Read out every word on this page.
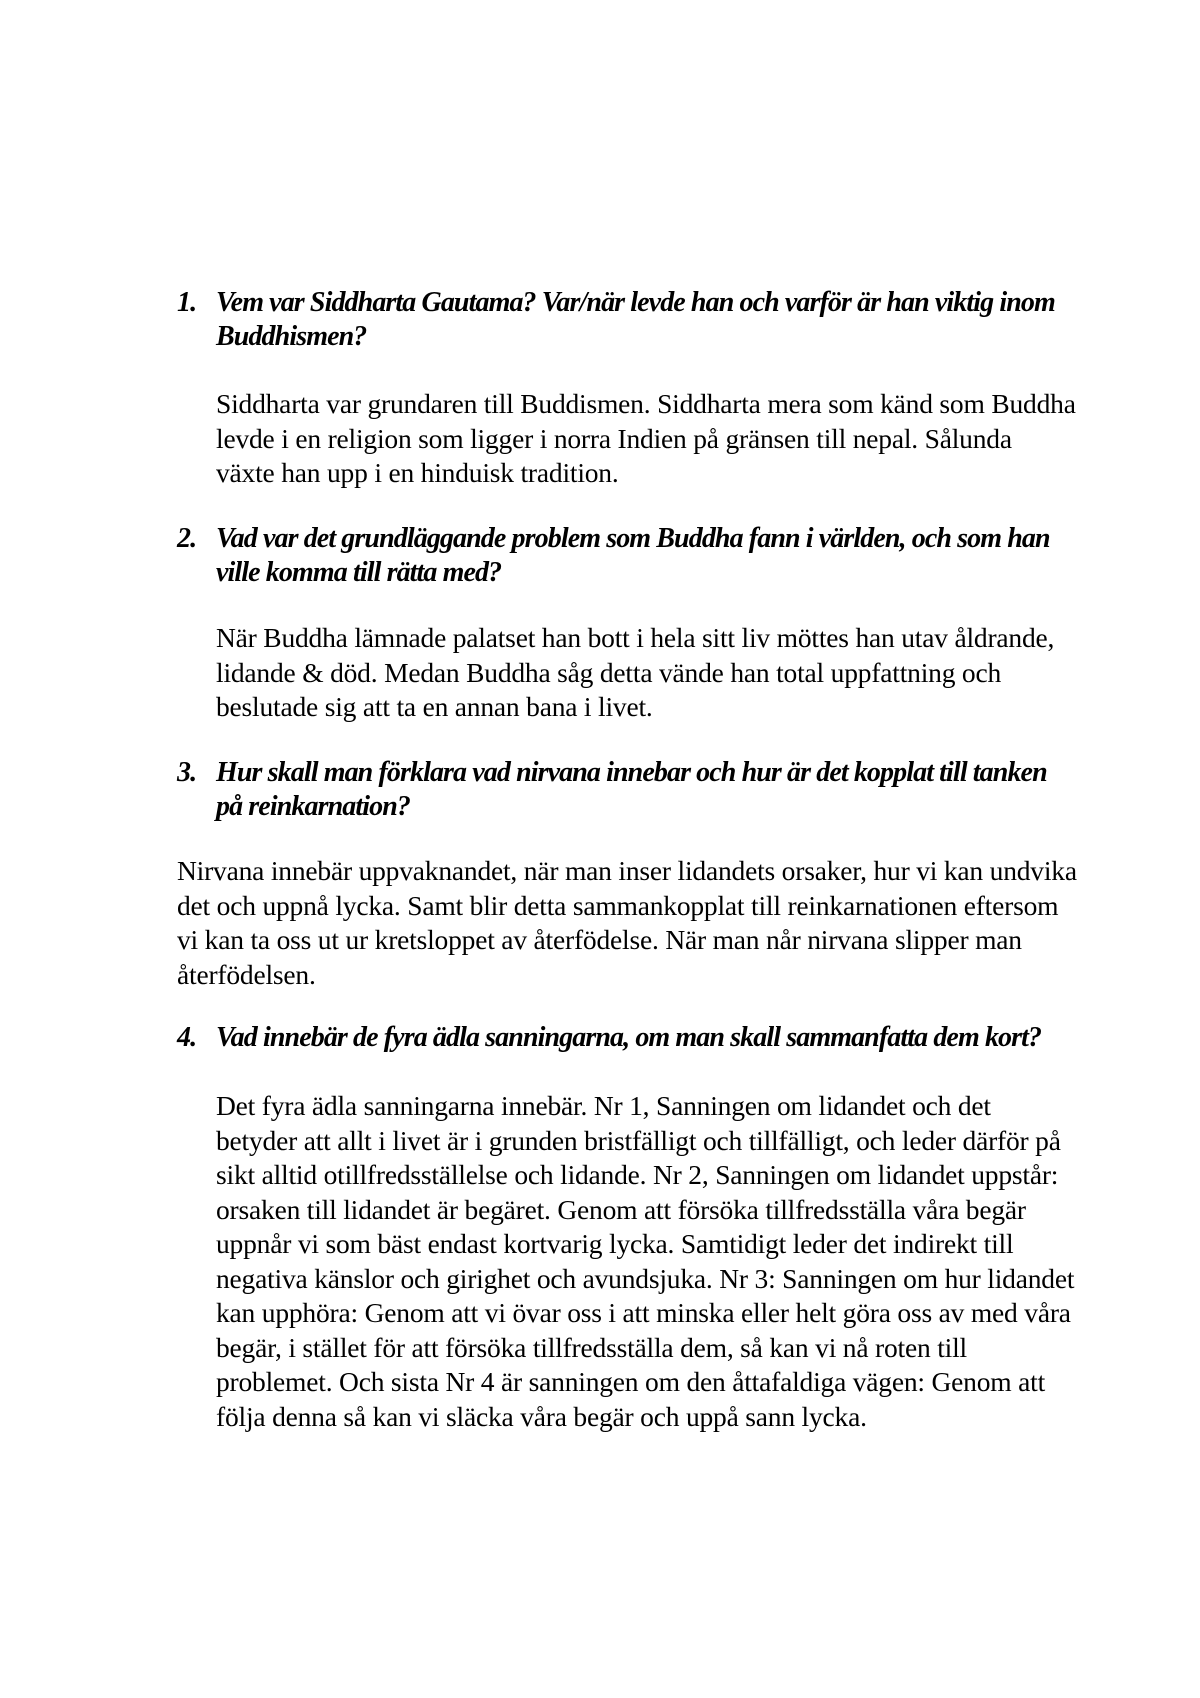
1. Vem var Siddharta Gautama? Var/när levde han och varför är han viktig inom Buddhismen?

Siddharta var grundaren till Buddismen. Siddharta mera som känd som Buddha levde i en religion som ligger i norra Indien på gränsen till nepal. Sålunda växte han upp i en hinduisk tradition.

2. Vad var det grundläggande problem som Buddha fann i världen, och som han ville komma till rätta med?

När Buddha lämnade palatset han bott i hela sitt liv möttes han utav åldrande, lidande & död. Medan Buddha såg detta vände han total uppfattning och beslutade sig att ta en annan bana i livet.

3. Hur skall man förklara vad nirvana innebar och hur är det kopplat till tanken på reinkarnation?

Nirvana innebär uppvaknandet, när man inser lidandets orsaker, hur vi kan undvika det och uppnå lycka. Samt blir detta sammankopplat till reinkarnationen eftersom vi kan ta oss ut ur kretsloppet av återfödelse. När man når nirvana slipper man återfödelsen.

4. Vad innebär de fyra ädla sanningarna, om man skall sammanfatta dem kort?

Det fyra ädla sanningarna innebär. Nr 1, Sanningen om lidandet och det betyder att allt i livet är i grunden bristfälligt och tillfälligt, och leder därför på sikt alltid otillfredsställelse och lidande. Nr 2, Sanningen om lidandet uppstår: orsaken till lidandet är begäret. Genom att försöka tillfredsställa våra begär uppnår vi som bäst endast kortvarig lycka. Samtidigt leder det indirekt till negativa känslor och girighet och avundsjuka. Nr 3: Sanningen om hur lidandet kan upphöra: Genom att vi övar oss i att minska eller helt göra oss av med våra begär, i stället för att försöka tillfredsställa dem, så kan vi nå roten till problemet. Och sista Nr 4 är sanningen om den åttafaldiga vägen: Genom att följa denna så kan vi släcka våra begär och uppå sann lycka.
